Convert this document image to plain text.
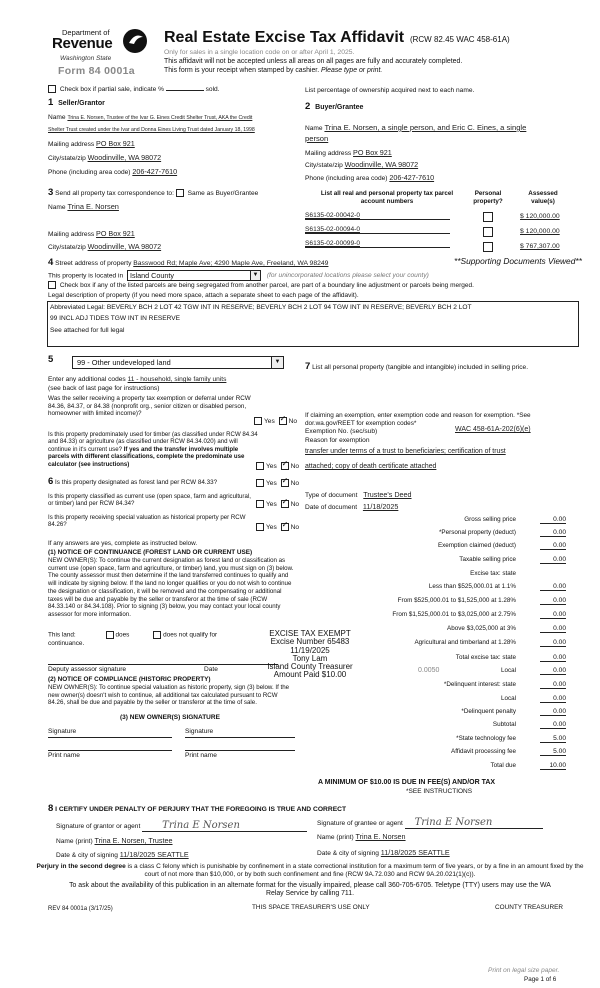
Department of
Revenue
Washington State
Form 84 0001a
Real Estate Excise Tax Affidavit (RCW 82.45 WAC 458-61A)
Only for sales in a single location code on or after April 1, 2025.
This affidavit will not be accepted unless all areas on all pages are fully and accurately completed.
This form is your receipt when stamped by cashier. Please type or print.
Check box if partial sale, indicate %	sold.	List percentage of ownership acquired next to each name.
1 Seller/Grantor
Name Trina E. Norsen, Trustee of the Ivar G. Eines Credit Shelter Trust, AKA the Credit
Shelter Trust created under the Ivar and Donna Eines Living Trust dated January 18, 1998
Mailing address PO Box 921
City/state/zip Woodinville, WA 98072
Phone (including area code) 206-427-7610
2 Buyer/Grantee
Name Trina E. Norsen, a single person, and Eric C. Eines, a single
person
Mailing address PO Box 921
City/state/zip Woodinville, WA 98072
Phone (including area code) 206-427-7610
3 Send all property tax correspondence to: Same as Buyer/Grantee
Name Trina E. Norsen
Mailing address PO Box 921
City/state/zip Woodinville, WA 98072
List all real and personal property tax parcel account numbers
Personal property?
Assessed value(s)
S6135-02-00042-0	$ 120,000.00
S6135-02-00094-0	$ 120,000.00
S6135-02-00099-0	$ 767,307.00
4 Street address of property Basswood Rd; Maple Ave; 4290 Maple Ave, Freeland, WA 98249	**Supporting Documents Viewed**
This property is located in Island County	▼ (for unincorporated locations please select your county)
Check box if any of the listed parcels are being segregated from another parcel, are part of a boundary line adjustment or parcels being merged.
Legal description of property (if you need more space, attach a separate sheet to each page of the affidavit).
Abbreviated Legal: BEVERLY BCH 2 LOT 42 TGW INT IN RESERVE; BEVERLY BCH 2 LOT 94 TGW INT IN RESERVE; BEVERLY BCH 2 LOT
99 INCL ADJ TIDES TGW INT IN RESERVE
See attached for full legal
5	99 - Other undeveloped land	▼
Enter any additional codes 11 - household, single family units
(see back of last page for instructions)
Was the seller receiving a property tax exemption or deferral under RCW 84.36, 84.37, or 84.38 (nonprofit org., senior citizen or disabled person, homeowner with limited income)?
Yes ✓ No
Is this property predominately used for timber (as classified under RCW 84.34 and 84.33) or agriculture (as classified under RCW 84.34.020) and will continue in it's current use? If yes and the transfer involves multiple parcels with different classifications, complete the predominate use calculator (see instructions)	Yes ✓ No
6 Is this property designated as forest land per RCW 84.33?	Yes ✓ No
Is this property classified as current use (open space, farm and agricultural, or timber) land per RCW 84.34?	Yes ✓ No
Is this property receiving special valuation as historical property per RCW 84.26?	Yes ✓ No
If any answers are yes, complete as instructed below.
(1) NOTICE OF CONTINUANCE (FOREST LAND OR CURRENT USE)
NEW OWNER(S): To continue the current designation as forest land or classification as current use (open space, farm and agriculture, or timber) land, you must sign on (3) below. The county assessor must then determine if the land transferred continues to qualify and will indicate by signing below. If the land no longer qualifies or you do not wish to continue the designation or classification, it will be removed and the compensating or additional taxes will be due and payable by the seller or transferor at the time of sale (RCW 84.33.140 or 84.34.108). Prior to signing (3) below, you may contact your local county assessor for more information.
This land:	does	does not qualify for
continuance.
Deputy assessor signature	Date
(2) NOTICE OF COMPLIANCE (HISTORIC PROPERTY)
NEW OWNER(S): To continue special valuation as historic property, sign (3) below. If the new owner(s) doesn't wish to continue, all additional tax calculated pursuant to RCW 84.26, shall be due and payable by the seller or transferor at the time of sale.
(3) NEW OWNER(S) SIGNATURE
Signature	Signature
Print name	Print name
EXCISE TAX EXEMPT
Excise Number 65483
11/19/2025
Tony Lam
Island County Treasurer
Amount Paid $10.00
7 List all personal property (tangible and intangible) included in selling price.
If claiming an exemption, enter exemption code and reason for exemption. *See dor.wa.gov/REET for exemption codes*
Exemption No. (sec/sub)	WAC 458-61A-202(6)(e)
Reason for exemption
transfer under terms of a trust to beneficiaries; certification of trust
attached; copy of death certificate attached
Type of document Trustee's Deed
Date of document 11/18/2025
Gross selling price	0.00
*Personal property (deduct)	0.00
Exemption claimed (deduct)	0.00
Taxable selling price	0.00
Excise tax: state
Less than $525,000.01 at 1.1%	0.00
From $525,000.01 to $1,525,000 at 1.28%	0.00
From $1,525,000.01 to $3,025,000 at 2.75%	0.00
Above $3,025,000 at 3%	0.00
Agricultural and timberland at 1.28%	0.00
Total excise tax: state	0.00
Local	0.00
*Delinquent interest: state	0.00
Local	0.00
*Delinquent penalty	0.00
Subtotal	0.00
*State technology fee	5.00
Affidavit processing fee	5.00
Total due	10.00
0.0050
A MINIMUM OF $10.00 IS DUE IN FEE(S) AND/OR TAX
*SEE INSTRUCTIONS
8 I CERTIFY UNDER PENALTY OF PERJURY THAT THE FOREGOING IS TRUE AND CORRECT
Signature of grantor or agent Trina E Norsen	Signature of grantee or agent Trina E Norsen
Name (print) Trina E. Norsen, Trustee	Name (print) Trina E. Norsen
Date & city of signing 11/18/2025 SEATTLE	Date & city of signing 11/18/2025 SEATTLE
Perjury in the second degree is a class C felony which is punishable by confinement in a state correctional institution for a maximum term of five years, or by a fine in an amount fixed by the court of not more than $10,000, or by both such confinement and fine (RCW 9A.72.030 and RCW 9A.20.021(1)(c)).
To ask about the availability of this publication in an alternate format for the visually impaired, please call 360-705-6705. Teletype (TTY) users may use the WA Relay Service by calling 711.
REV 84 0001a (3/17/25)	THIS SPACE TREASURER'S USE ONLY	COUNTY TREASURER
Print on legal size paper.
Page 1 of 6
